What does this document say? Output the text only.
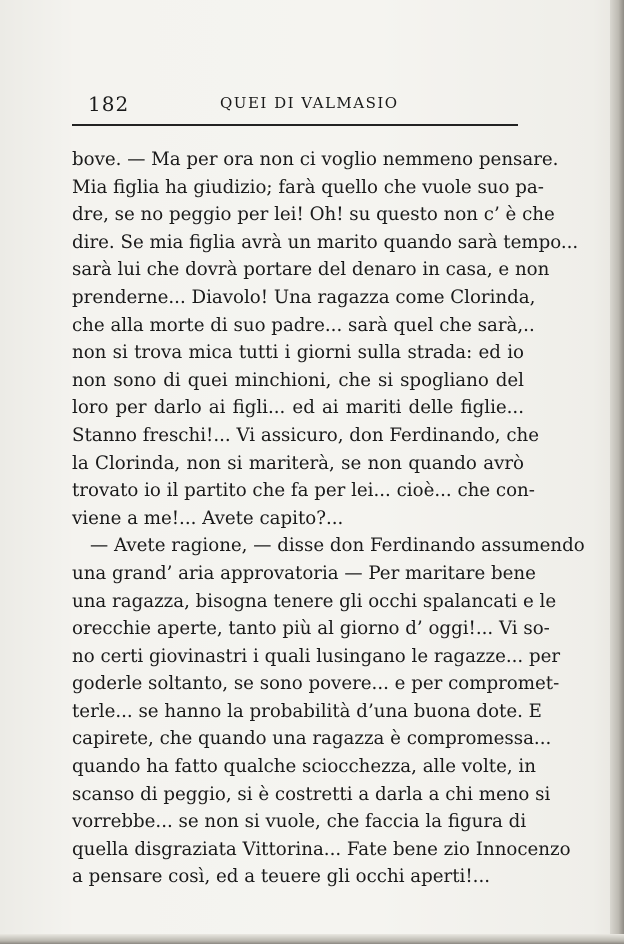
182	QUEI DI VALMASIO
bove. — Ma per ora non ci voglio nemmeno pensare.
Mia figlia ha giudizio; farà quello che vuole suo pa-
dre, se no peggio per lei! Oh! su questo non c’ è che
dire. Se mia figlia avrà un marito quando sarà tempo...
sarà lui che dovrà portare del denaro in casa, e non
prenderne... Diavolo! Una ragazza come Clorinda,
che alla morte di suo padre... sarà quel che sarà,..
non si trova mica tutti i giorni sulla strada: ed io
non sono di quei minchioni, che si spogliano del
loro per darlo ai figli... ed ai mariti delle figlie...
Stanno freschi!... Vi assicuro, don Ferdinando, che
la Clorinda, non si mariterà, se non quando avrò
trovato io il partito che fa per lei... cioè... che con-
viene a me!... Avete capito?...
— Avete ragione, — disse don Ferdinando assumendo
una grand’ aria approvatoria — Per maritare bene
una ragazza, bisogna tenere gli occhi spalancati e le
orecchie aperte, tanto più al giorno d’ oggi!... Vi so-
no certi giovinastri i quali lusingano le ragazze... per
goderle soltanto, se sono povere... e per compromet-
terle... se hanno la probabilità d’una buona dote. E
capirete, che quando una ragazza è compromessa...
quando ha fatto qualche sciocchezza, alle volte, in
scanso di peggio, si è costretti a darla a chi meno si
vorrebbe... se non si vuole, che faccia la figura di
quella disgraziata Vittorina... Fate bene zio Innocenzo
a pensare così, ed a teuere gli occhi aperti!...
